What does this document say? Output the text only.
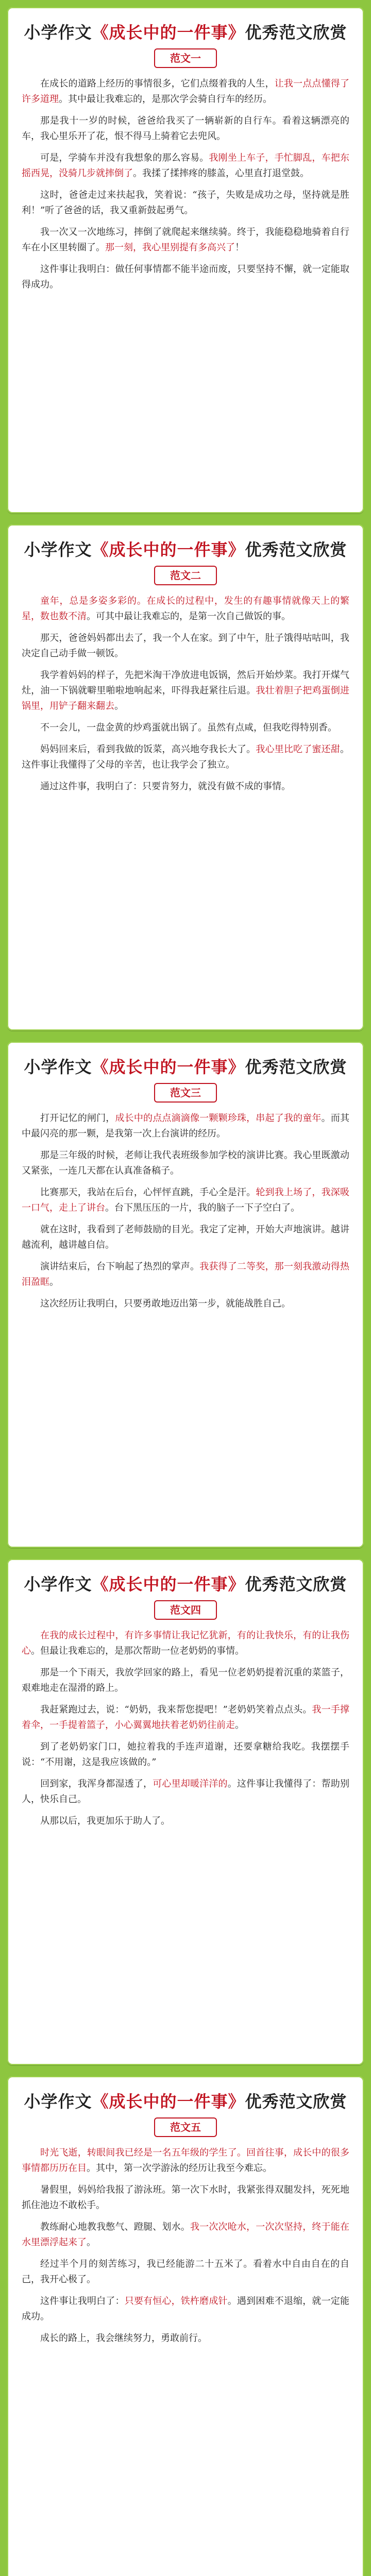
小学作文《成长中的一件事》优秀范文欣赏
范文一

在成长的道路上经历的事情很多，它们点缀着我的人生，让我一点点懂得了许多道理。其中最让我难忘的，是那次学会骑自行车的经历。

那是我十一岁的时候，爸爸给我买了一辆崭新的自行车。看着这辆漂亮的车，我心里乐开了花，恨不得马上骑着它去兜风。

可是，学骑车并没有我想象的那么容易。我刚坐上车子，手忙脚乱，车把东摇西晃，没骑几步就摔倒了。我揉了揉摔疼的膝盖，心里直打退堂鼓。

这时，爸爸走过来扶起我，笑着说：“孩子，失败是成功之母，坚持就是胜利！”听了爸爸的话，我又重新鼓起勇气。

我一次又一次地练习，摔倒了就爬起来继续骑。终于，我能稳稳地骑着自行车在小区里转圈了。那一刻，我心里别提有多高兴了！

这件事让我明白：做任何事情都不能半途而废，只要坚持不懈，就一定能取得成功。

小学作文《成长中的一件事》优秀范文欣赏
范文二

童年，总是多姿多彩的。在成长的过程中，发生的有趣事情就像天上的繁星，数也数不清。可其中最让我难忘的，是第一次自己做饭的事。

那天，爸爸妈妈都出去了，我一个人在家。到了中午，肚子饿得咕咕叫，我决定自己动手做一顿饭。

我学着妈妈的样子，先把米淘干净放进电饭锅，然后开始炒菜。我打开煤气灶，油一下锅就噼里啪啦地响起来，吓得我赶紧往后退。我壮着胆子把鸡蛋倒进锅里，用铲子翻来翻去。

不一会儿，一盘金黄的炒鸡蛋就出锅了。虽然有点咸，但我吃得特别香。

妈妈回来后，看到我做的饭菜，高兴地夸我长大了。我心里比吃了蜜还甜。这件事让我懂得了父母的辛苦，也让我学会了独立。

通过这件事，我明白了：只要肯努力，就没有做不成的事情。

小学作文《成长中的一件事》优秀范文欣赏
范文三

打开记忆的闸门，成长中的点点滴滴像一颗颗珍珠，串起了我的童年。而其中最闪亮的那一颗，是我第一次上台演讲的经历。

那是三年级的时候，老师让我代表班级参加学校的演讲比赛。我心里既激动又紧张，一连几天都在认真准备稿子。

比赛那天，我站在后台，心怦怦直跳，手心全是汗。轮到我上场了，我深吸一口气，走上了讲台。台下黑压压的一片，我的脑子一下子空白了。

就在这时，我看到了老师鼓励的目光。我定了定神，开始大声地演讲。越讲越流利，越讲越自信。

演讲结束后，台下响起了热烈的掌声。我获得了二等奖，那一刻我激动得热泪盈眶。

这次经历让我明白，只要勇敢地迈出第一步，就能战胜自己。

小学作文《成长中的一件事》优秀范文欣赏
范文四

在我的成长过程中，有许多事情让我记忆犹新，有的让我快乐，有的让我伤心。但最让我难忘的，是那次帮助一位老奶奶的事情。

那是一个下雨天，我放学回家的路上，看见一位老奶奶提着沉重的菜篮子，艰难地走在湿滑的路上。

我赶紧跑过去，说：“奶奶，我来帮您提吧！”老奶奶笑着点点头。我一手撑着伞，一手提着篮子，小心翼翼地扶着老奶奶往前走。

到了老奶奶家门口，她拉着我的手连声道谢，还要拿糖给我吃。我摆摆手说：“不用谢，这是我应该做的。”

回到家，我浑身都湿透了，可心里却暖洋洋的。这件事让我懂得了：帮助别人，快乐自己。

从那以后，我更加乐于助人了。

小学作文《成长中的一件事》优秀范文欣赏
范文五

时光飞逝，转眼间我已经是一名五年级的学生了。回首往事，成长中的很多事情都历历在目。其中，第一次学游泳的经历让我至今难忘。

暑假里，妈妈给我报了游泳班。第一次下水时，我紧张得双腿发抖，死死地抓住池边不敢松手。

教练耐心地教我憋气、蹬腿、划水。我一次次呛水，一次次坚持，终于能在水里漂浮起来了。

经过半个月的刻苦练习，我已经能游二十五米了。看着水中自由自在的自己，我开心极了。

这件事让我明白了：只要有恒心，铁杵磨成针。遇到困难不退缩，就一定能成功。

成长的路上，我会继续努力，勇敢前行。
